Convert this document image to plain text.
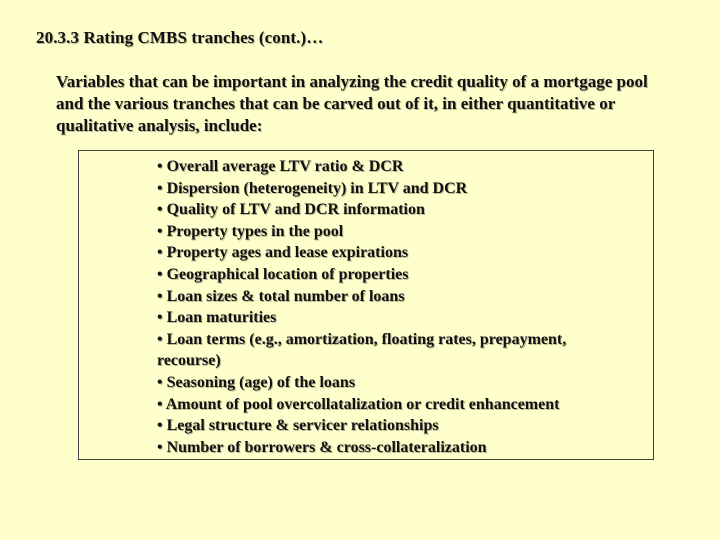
20.3.3 Rating CMBS tranches (cont.)…
Variables that can be important in analyzing the credit quality of a mortgage pool
and the various tranches that can be carved out of it, in either quantitative or
qualitative analysis, include:
• Overall average LTV ratio & DCR
• Dispersion (heterogeneity) in LTV and DCR
• Quality of LTV and DCR information
• Property types in the pool
• Property ages and lease expirations
• Geographical location of properties
• Loan sizes & total number of loans
• Loan maturities
• Loan terms (e.g., amortization, floating rates, prepayment,
recourse)
• Seasoning (age) of the loans
• Amount of pool overcollatalization or credit enhancement
• Legal structure & servicer relationships
• Number of borrowers & cross-collateralization
